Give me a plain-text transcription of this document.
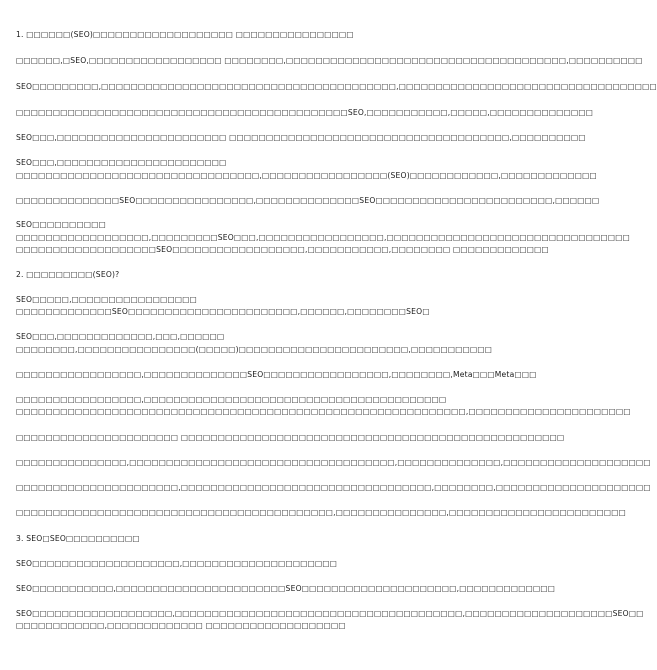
1. □□□□□□(SEO)□□□□□□□□□□□□□□□□□□□ □□□□□□□□□□□□□□□□
□□□□□□,□SEO,□□□□□□□□□□□□□□□□□□ □□□□□□□□,□□□□□□□□□□□□□□□□□□□□□□□□□□□□□□□□□□□□□□,□□□□□□□□□□
SEO□□□□□□□□□,□□□□□□□□□□□□□□□□□□□□□□□□□□□□□□□□□□□□□□□□,□□□□□□□□□□□□□□□□□□□□□□□□□□□□□□□□□□□
□□□□□□□□□□□□□□□□□□□□□□□□□□□□□□□□□□□□□□□□□□□□□SEO,□□□□□□□□□□□,□□□□□,□□□□□□□□□□□□□□
SEO□□□,□□□□□□□□□□□□□□□□□□□□□□□ □□□□□□□□□□□□□□□□□□□□□□□□□□□□□□□□□□□□□□,□□□□□□□□□□
SEO□□□,□□□□□□□□□□□□□□□□□□□□□□□
□□□□□□□□□□□□□□□□□□□□□□□□□□□□□□□□□,□□□□□□□□□□□□□□□□□(SEO)□□□□□□□□□□□□,□□□□□□□□□□□□□
□□□□□□□□□□□□□□SEO□□□□□□□□□□□□□□□□,□□□□□□□□□□□□□□SEO□□□□□□□□□□□□□□□□□□□□□□□□,□□□□□□
SEO□□□□□□□□□□
□□□□□□□□□□□□□□□□□□,□□□□□□□□□SEO□□□,□□□□□□□□□□□□□□□□□,□□□□□□□□□□□□□□□□□□□□□□□□□□□□□□□□□
□□□□□□□□□□□□□□□□□□□SEO□□□□□□□□□□□□□□□□□□,□□□□□□□□□□□,□□□□□□□□ □□□□□□□□□□□□□
2. □□□□□□□□□(SEO)?
SEO□□□□□,□□□□□□□□□□□□□□□□□
□□□□□□□□□□□□□SEO□□□□□□□□□□□□□□□□□□□□□□□,□□□□□□,□□□□□□□□SEO□
SEO□□□,□□□□□□□□□□□□□,□□□,□□□□□□
□□□□□□□□,□□□□□□□□□□□□□□□□(□□□□□)□□□□□□□□□□□□□□□□□□□□□□□,□□□□□□□□□□□
□□□□□□□□□□□□□□□□□,□□□□□□□□□□□□□□SEO□□□□□□□□□□□□□□□□□,□□□□□□□□,Meta□□□Meta□□□
□□□□□□□□□□□□□□□□□,□□□□□□□□□□□□□□□□□□□□□□□□□□□□□□□□□□□□□□□□□
□□□□□□□□□□□□□□□□□□□□□□□□□□□□□□□□□□□□□□□□□□□□□□□□□□□□□□□□□□□□□,□□□□□□□□□□□□□□□□□□□□□□
□□□□□□□□□□□□□□□□□□□□□□ □□□□□□□□□□□□□□□□□□□□□□□□□□□□□□□□□□□□□□□□□□□□□□□□□□□□
□□□□□□□□□□□□□□□,□□□□□□□□□□□□□□□□□□□□□□□□□□□□□□□□□□□□,□□□□□□□□□□□□□□,□□□□□□□□□□□□□□□□□□□□
□□□□□□□□□□□□□□□□□□□□□□,□□□□□□□□□□□□□□□□□□□□□□□□□□□□□□□□□□,□□□□□□□□,□□□□□□□□□□□□□□□□□□□□□
□□□□□□□□□□□□□□□□□□□□□□□□□□□□□□□□□□□□□□□□□□□,□□□□□□□□□□□□□□□,□□□□□□□□□□□□□□□□□□□□□□□□
3. SEO□SEO□□□□□□□□□□
SEO□□□□□□□□□□□□□□□□□□□□,□□□□□□□□□□□□□□□□□□□□□
SEO□□□□□□□□□□□,□□□□□□□□□□□□□□□□□□□□□□□SEO□□□□□□□□□□□□□□□□□□□□□,□□□□□□□□□□□□□
SEO□□□□□□□□□□□□□□□□□□□,□□□□□□□□□□□□□□□□□□□□□□□□□□□□□□□□□□□□□□□,□□□□□□□□□□□□□□□□□□□□SEO□□
□□□□□□□□□□□□,□□□□□□□□□□□□□ □□□□□□□□□□□□□□□□□□□
